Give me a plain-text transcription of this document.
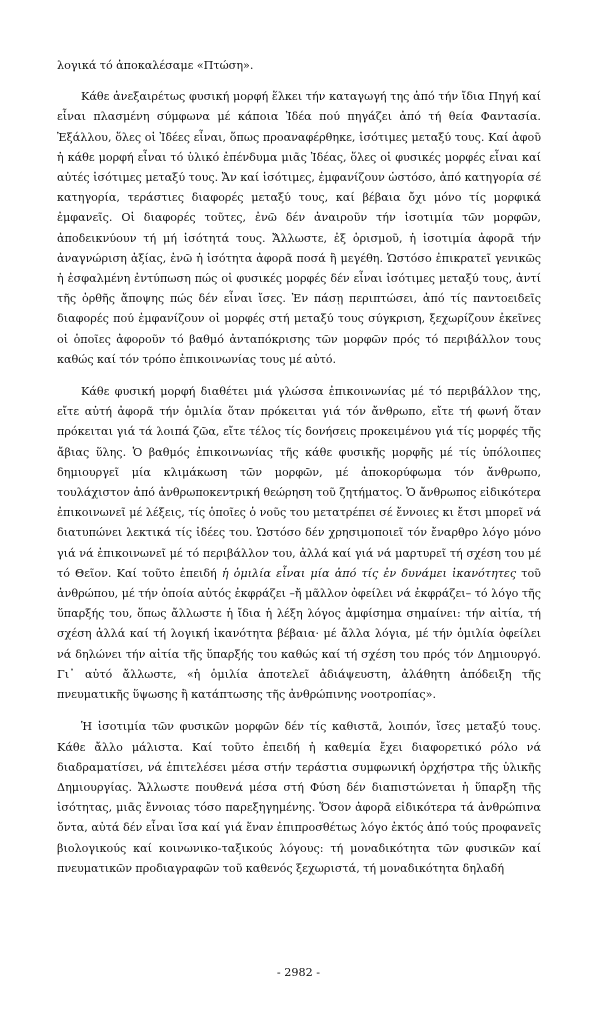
λογικά τό ἀποκαλέσαμε «Πτώση».

Κάθε ἀνεξαιρέτως φυσική μορφή ἕλκει τήν καταγωγή της ἀπό τήν ἴδια Πηγή καί εἶναι πλασμένη σύμφωνα μέ κάποια Ἰδέα πού πηγάζει ἀπό τή θεία Φαντασία. Ἐξάλλου, ὅλες οἱ Ἰδέες εἶναι, ὅπως προαναφέρθηκε, ἰσότιμες μεταξύ τους. Καί ἀφοῦ ἡ κάθε μορφή εἶναι τό ὑλικό ἐπένδυμα μιᾶς Ἰδέας, ὅλες οἱ φυσικές μορφές εἶναι καί αὐτές ἰσότιμες μεταξύ τους. Ἄν καί ἰσότιμες, ἐμφανίζουν ὡστόσο, ἀπό κατηγορία σέ κατηγορία, τεράστιες διαφορές μεταξύ τους, καί βέβαια ὄχι μόνο τίς μορφικά ἐμφανεῖς. Οἱ διαφορές τοῦτες, ἐνῶ δέν ἀναιροῦν τήν ἰσοτιμία τῶν μορφῶν, ἀποδεικνύουν τή μή ἰσότητά τους. Ἄλλωστε, ἐξ ὁρισμοῦ, ἡ ἰσοτιμία ἀφορᾶ τήν ἀναγνώριση ἀξίας, ἐνῶ ἡ ἰσότητα ἀφορᾶ ποσά ἢ μεγέθη. Ὡστόσο ἐπικρατεῖ γενικῶς ἡ ἐσφαλμένη ἐντύπωση πώς οἱ φυσικές μορφές δέν εἶναι ἰσότιμες μεταξύ τους, ἀντί τῆς ὀρθῆς ἄποψης πώς δέν εἶναι ἴσες. Ἐν πάσῃ περιπτώσει, ἀπό τίς παντοειδεῖς διαφορές πού ἐμφανίζουν οἱ μορφές στή μεταξύ τους σύγκριση, ξεχωρίζουν ἐκεῖνες οἱ ὁποῖες ἀφοροῦν τό βαθμό ἀνταπόκρισης τῶν μορφῶν πρός τό περιβάλλον τους καθώς καί τόν τρόπο ἐπικοινωνίας τους μέ αὐτό.

Κάθε φυσική μορφή διαθέτει μιά γλώσσα ἐπικοινωνίας μέ τό περιβάλλον της, εἴτε αὐτή ἀφορᾶ τήν ὁμιλία ὅταν πρόκειται γιά τόν ἄνθρωπο, εἴτε τή φωνή ὅταν πρόκειται γιά τά λοιπά ζῶα, εἴτε τέλος τίς δονήσεις προκειμένου γιά τίς μορφές τῆς ἄβιας ὕλης. Ὁ βαθμός ἐπικοινωνίας τῆς κάθε φυσικῆς μορφῆς μέ τίς ὑπόλοιπες δημιουργεῖ μία κλιμάκωση τῶν μορφῶν, μέ ἀποκορύφωμα τόν ἄνθρωπο, τουλάχιστον ἀπό ἀνθρωποκεντρική θεώρηση τοῦ ζητήματος. Ὁ ἄνθρωπος εἰδικότερα ἐπικοινωνεῖ μέ λέξεις, τίς ὁποῖες ὁ νοῦς του μετατρέπει σέ ἔννοιες κι ἔτσι μπορεῖ νά διατυπώνει λεκτικά τίς ἰδέες του. Ὡστόσο δέν χρησιμοποιεῖ τόν ἔναρθρο λόγο μόνο γιά νά ἐπικοινωνεῖ μέ τό περιβάλλον του, ἀλλά καί γιά νά μαρτυρεῖ τή σχέση του μέ τό Θεῖον. Καί τοῦτο ἐπειδή ἡ ὁμιλία εἶναι μία ἀπό τίς ἐν δυνάμει ἱκανότητες τοῦ ἀνθρώπου, μέ τήν ὁποία αὐτός ἐκφράζει –ἤ μᾶλλον ὀφείλει νά ἐκφράζει– τό λόγο τῆς ὕπαρξής του, ὅπως ἄλλωστε ἡ ἴδια ἡ λέξη λόγος ἀμφίσημα σημαίνει: τήν αἰτία, τή σχέση ἀλλά καί τή λογική ἱκανότητα βέβαια· μέ ἄλλα λόγια, μέ τήν ὁμιλία ὀφείλει νά δηλώνει τήν αἰτία τῆς ὕπαρξής του καθώς καί τή σχέση του πρός τόν Δημιουργό. Γι᾽ αὐτό ἄλλωστε, «ἡ ὁμιλία ἀποτελεῖ ἀδιάψευστη, ἀλάθητη ἀπόδειξη τῆς πνευματικῆς ὕψωσης ἢ κατάπτωσης τῆς ἀνθρώπινης νοοτροπίας».

Ἡ ἰσοτιμία τῶν φυσικῶν μορφῶν δέν τίς καθιστᾶ, λοιπόν, ἴσες μεταξύ τους. Κάθε ἄλλο μάλιστα. Καί τοῦτο ἐπειδή ἡ καθεμία ἔχει διαφορετικό ρόλο νά διαδραματίσει, νά ἐπιτελέσει μέσα στήν τεράστια συμφωνική ὀρχήστρα τῆς ὑλικῆς Δημιουργίας. Ἄλλωστε πουθενά μέσα στή Φύση δέν διαπιστώνεται ἡ ὕπαρξη τῆς ἰσότητας, μιᾶς ἔννοιας τόσο παρεξηγημένης. Ὅσον ἀφορᾶ εἰδικότερα τά ἀνθρώπινα ὄντα, αὐτά δέν εἶναι ἴσα καί γιά ἕναν ἐπιπροσθέτως λόγο ἐκτός ἀπό τούς προφανεῖς βιολογικούς καί κοινωνικο-ταξικούς λόγους: τή μοναδικότητα τῶν φυσικῶν καί πνευματικῶν προδιαγραφῶν τοῦ καθενός ξεχωριστά, τή μοναδικότητα δηλαδή

- 2982 -
